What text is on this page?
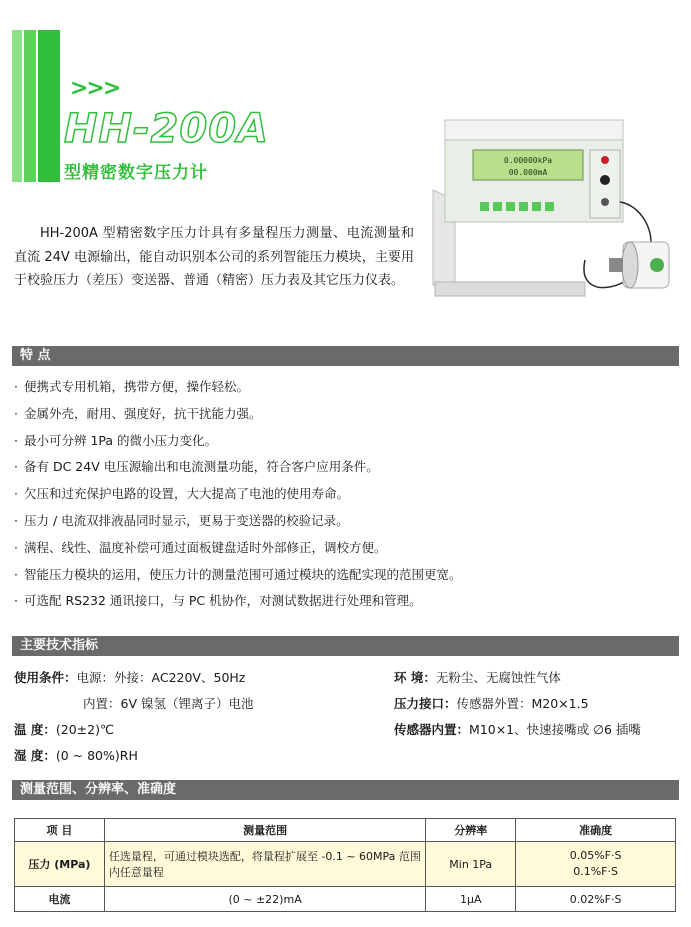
>>>
HH-200A
型精密数字压力计
HH-200A 型精密数字压力计具有多量程压力测量、电流测量和直流 24V 电源输出，能自动识别本公司的系列智能压力模块，主要用于校验压力（差压）变送器、普通（精密）压力表及其它压力仪表。
0.00000kPa
00.000mA
特 点
· 便携式专用机箱，携带方便，操作轻松。
· 金属外壳，耐用、强度好，抗干扰能力强。
· 最小可分辨 1Pa 的微小压力变化。
· 备有 DC 24V 电压源输出和电流测量功能，符合客户应用条件。
· 欠压和过充保护电路的设置，大大提高了电池的使用寿命。
· 压力 / 电流双排液晶同时显示，更易于变送器的校验记录。
· 满程、线性、温度补偿可通过面板键盘适时外部修正，调校方便。
· 智能压力模块的运用，使压力计的测量范围可通过模块的选配实现的范围更宽。
· 可选配 RS232 通讯接口，与 PC 机协作，对测试数据进行处理和管理。
主要技术指标
使用条件：电源：外接：AC220V、50Hz
内置：6V 镍氢（锂离子）电池
温 度：(20±2)℃
湿 度：(0 ~ 80%)RH
环 境：无粉尘、无腐蚀性气体
压力接口：传感器外置：M20×1.5
传感器内置：M10×1、快速接嘴或 ∅6 插嘴
测量范围、分辨率、准确度
项 目	测量范围	分辨率	准确度
压力 (MPa)	任选量程，可通过模块选配，将量程扩展至 -0.1 ~ 60MPa 范围内任意量程	Min 1Pa	0.05%F·S
0.1%F·S

电流	(0 ~ ±22)mA	1μA	0.02%F·S
